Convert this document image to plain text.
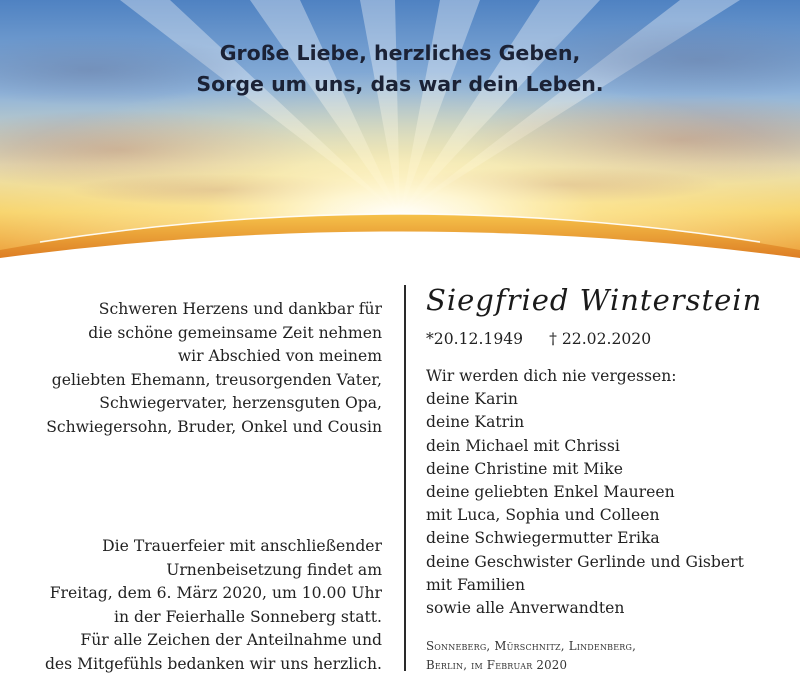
Große Liebe, herzliches Geben,
Sorge um uns, das war dein Leben.
Schweren Herzens und dankbar für
die schöne gemeinsame Zeit nehmen
wir Abschied von meinem
geliebten Ehemann, treusorgenden Vater,
Schwiegervater, herzensguten Opa,
Schwiegersohn, Bruder, Onkel und Cousin
Die Trauerfeier mit anschließender
Urnenbeisetzung findet am
Freitag, dem 6. März 2020, um 10.00 Uhr
in der Feierhalle Sonneberg statt.
Für alle Zeichen der Anteilnahme und
des Mitgefühls bedanken wir uns herzlich.
Siegfried Winterstein
*20.12.1949 † 22.02.2020
Wir werden dich nie vergessen:
deine Karin
deine Katrin
dein Michael mit Chrissi
deine Christine mit Mike
deine geliebten Enkel Maureen
mit Luca, Sophia und Colleen
deine Schwiegermutter Erika
deine Geschwister Gerlinde und Gisbert
mit Familien
sowie alle Anverwandten
Sonneberg, Mürschnitz, Lindenberg,
Berlin, im Februar 2020
